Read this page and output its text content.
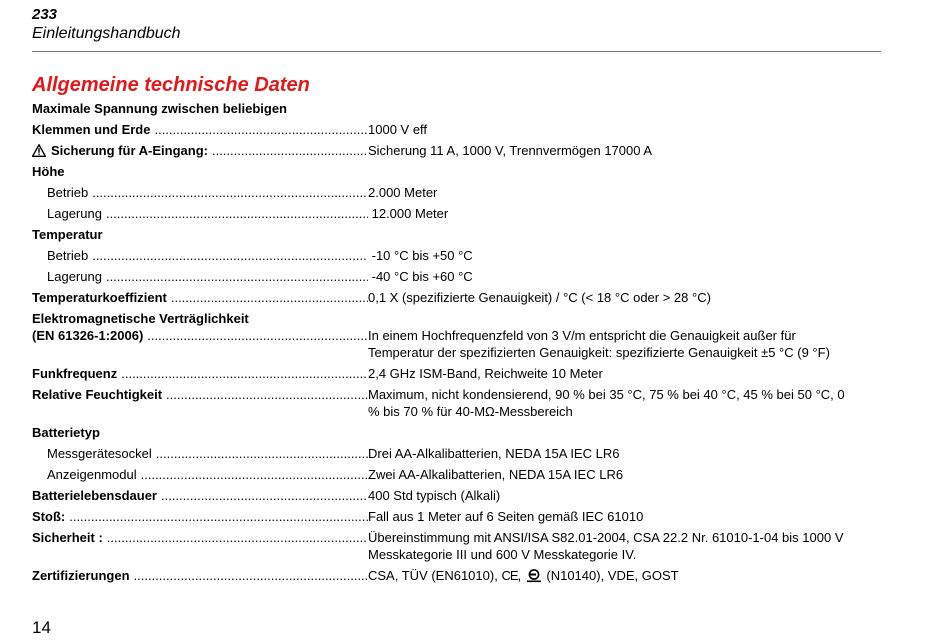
233
Einleitungshandbuch
Allgemeine technische Daten
Maximale Spannung zwischen beliebigen
Klemmen und Erde .....	1000 V eff
Sicherung für A-Eingang: .....	Sicherung 11 A, 1000 V, Trennvermögen 17000 A
Höhe
Betrieb .....	2.000 Meter
Lagerung .....	12.000 Meter
Temperatur
Betrieb .....	-10 °C bis +50 °C
Lagerung .....	-40 °C bis +60 °C
Temperaturkoeffizient .....	0,1 X (spezifizierte Genauigkeit) / °C (< 18 °C oder > 28 °C)
Elektromagnetische Verträglichkeit
(EN 61326-1:2006) .....	In einem Hochfrequenzfeld von 3 V/m entspricht die Genauigkeit außer für
Temperatur der spezifizierten Genauigkeit: spezifizierte Genauigkeit ±5 °C (9 °F)
Funkfrequenz .....	2,4 GHz ISM-Band, Reichweite 10 Meter
Relative Feuchtigkeit .....	Maximum, nicht kondensierend, 90 % bei 35 °C, 75 % bei 40 °C, 45 % bei 50 °C, 0
% bis 70 % für 40-MΩ-Messbereich
Batterietyp
Messgerätesockel .....	Drei AA-Alkalibatterien, NEDA 15A IEC LR6
Anzeigenmodul .....	Zwei AA-Alkalibatterien, NEDA 15A IEC LR6
Batterielebensdauer .....	400 Std typisch (Alkali)
Stoß: .....	Fall aus 1 Meter auf 6 Seiten gemäß IEC 61010
Sicherheit : .....	Übereinstimmung mit ANSI/ISA S82.01-2004, CSA 22.2 Nr. 61010-1-04 bis 1000 V
Messkategorie III und 600 V Messkategorie IV.
Zertifizierungen .....	CSA, TÜV (EN61010), CE, (N10140), VDE, GOST
14
